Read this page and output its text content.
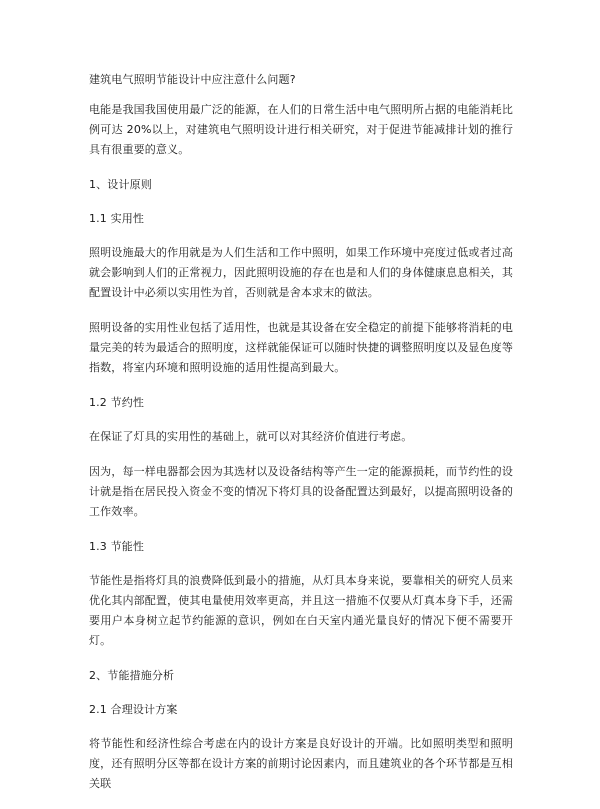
建筑电气照明节能设计中应注意什么问题?

电能是我国我国使用最广泛的能源，在人们的日常生活中电气照明所占据的电能消耗比例可达 20%以上，对建筑电气照明设计进行相关研究，对于促进节能减排计划的推行具有很重要的意义。

1、设计原则

1.1 实用性

照明设施最大的作用就是为人们生活和工作中照明，如果工作环境中亮度过低或者过高就会影响到人们的正常视力，因此照明设施的存在也是和人们的身体健康息息相关，其配置设计中必须以实用性为首，否则就是舍本求末的做法。

照明设备的实用性业包括了适用性，也就是其设备在安全稳定的前提下能够将消耗的电量完美的转为最适合的照明度，这样就能保证可以随时快捷的调整照明度以及显色度等指数，将室内环境和照明设施的适用性提高到最大。

1.2 节约性

在保证了灯具的实用性的基础上，就可以对其经济价值进行考虑。

因为，每一样电器都会因为其选材以及设备结构等产生一定的能源损耗，而节约性的设计就是指在居民投入资金不变的情况下将灯具的设备配置达到最好，以提高照明设备的工作效率。

1.3 节能性

节能性是指将灯具的浪费降低到最小的措施，从灯具本身来说，要靠相关的研究人员来优化其内部配置，使其电量使用效率更高，并且这一措施不仅要从灯真本身下手，还需要用户本身树立起节约能源的意识，例如在白天室内通光量良好的情况下便不需要开灯。

2、节能措施分析

2.1 合理设计方案

将节能性和经济性综合考虑在内的设计方案是良好设计的开端。比如照明类型和照明度，还有照明分区等都在设计方案的前期讨论因素内，而且建筑业的各个环节都是互相关联
